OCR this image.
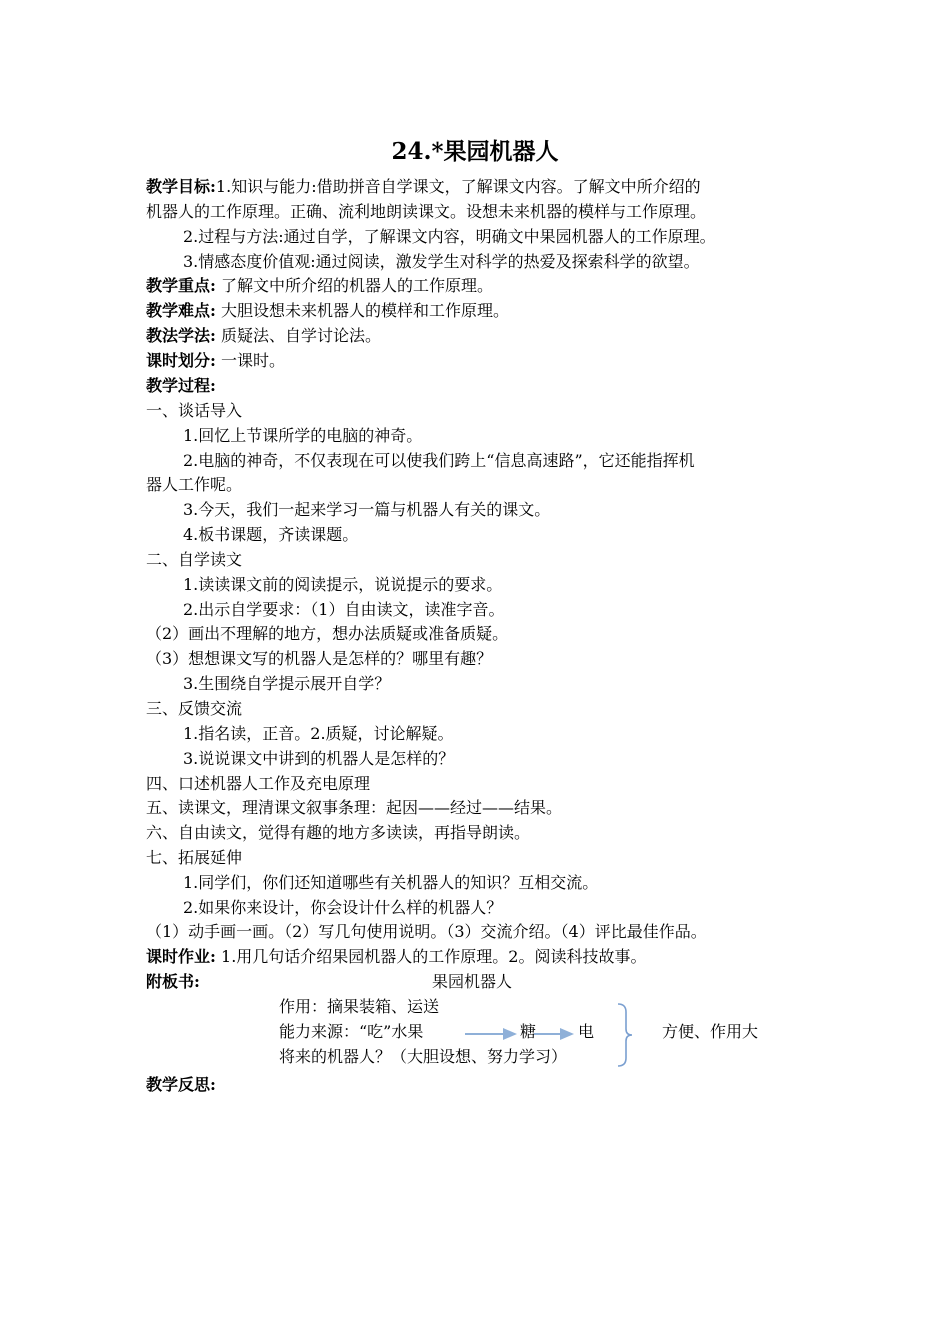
24.*果园机器人
教学目标:1.知识与能力:借助拼音自学课文，了解课文内容。了解文中所介绍的
机器人的工作原理。正确、流利地朗读课文。设想未来机器的模样与工作原理。
2.过程与方法:通过自学，了解课文内容，明确文中果园机器人的工作原理。
3.情感态度价值观:通过阅读，激发学生对科学的热爱及探索科学的欲望。
教学重点: 了解文中所介绍的机器人的工作原理。
教学难点: 大胆设想未来机器人的模样和工作原理。
教法学法: 质疑法、自学讨论法。
课时划分: 一课时。
教学过程:
一、谈话导入
1.回忆上节课所学的电脑的神奇。
2.电脑的神奇，不仅表现在可以使我们跨上“信息高速路”，它还能指挥机
器人工作呢。
3.今天，我们一起来学习一篇与机器人有关的课文。
4.板书课题，齐读课题。
二、自学读文
1.读读课文前的阅读提示，说说提示的要求。
2.出示自学要求：（1）自由读文，读准字音。
（2）画出不理解的地方，想办法质疑或准备质疑。
（3）想想课文写的机器人是怎样的？哪里有趣？
3.生围绕自学提示展开自学？
三、反馈交流
1.指名读，正音。2.质疑，讨论解疑。
3.说说课文中讲到的机器人是怎样的？
四、口述机器人工作及充电原理
五、读课文，理清课文叙事条理：起因——经过——结果。
六、自由读文，觉得有趣的地方多读读，再指导朗读。
七、拓展延伸
1.同学们，你们还知道哪些有关机器人的知识？互相交流。
2.如果你来设计，你会设计什么样的机器人？
（1）动手画一画。（2）写几句使用说明。（3）交流介绍。（4）评比最佳作品。
课时作业: 1.用几句话介绍果园机器人的工作原理。2。阅读科技故事。
附板书:	果园机器人
作用：摘果装箱、运送
能力来源：“吃”水果	糖	电
将来的机器人？（大胆设想、努力学习）
方便、作用大
教学反思:
